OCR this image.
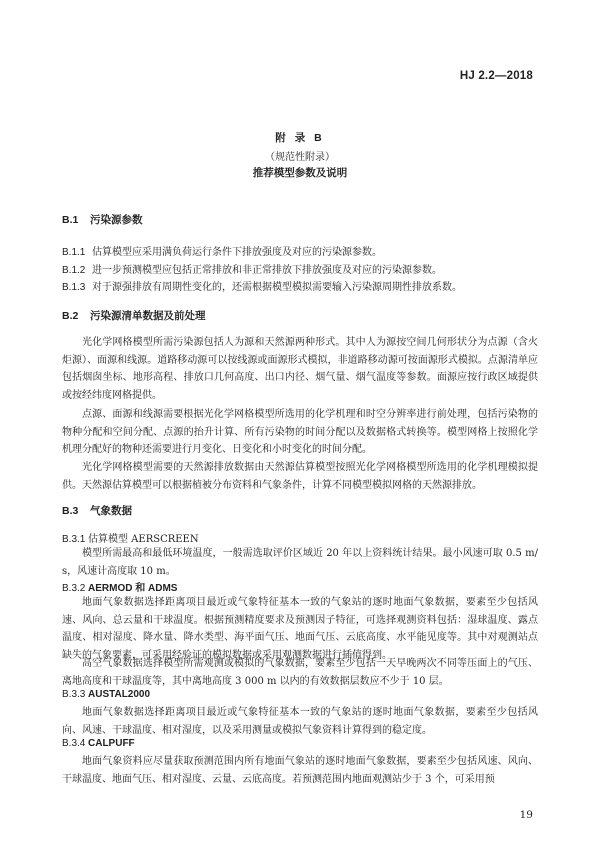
HJ 2.2—2018
附 录 B
（规范性附录）
推荐模型参数及说明
B.1 污染源参数
B.1.1 估算模型应采用满负荷运行条件下排放强度及对应的污染源参数。
B.1.2 进一步预测模型应包括正常排放和非正常排放下排放强度及对应的污染源参数。
B.1.3 对于源强排放有周期性变化的，还需根据模型模拟需要输入污染源周期性排放系数。
B.2 污染源清单数据及前处理
光化学网格模型所需污染源包括人为源和天然源两种形式。其中人为源按空间几何形状分为点源（含火炬源）、面源和线源。道路移动源可以按线源或面源形式模拟，非道路移动源可按面源形式模拟。点源清单应包括烟囱坐标、地形高程、排放口几何高度、出口内径、烟气量、烟气温度等参数。面源应按行政区域提供或按经纬度网格提供。
点源、面源和线源需要根据光化学网格模型所选用的化学机理和时空分辨率进行前处理，包括污染物的物种分配和空间分配、点源的抬升计算、所有污染物的时间分配以及数据格式转换等。模型网格上按照化学机理分配好的物种还需要进行月变化、日变化和小时变化的时间分配。
光化学网格模型需要的天然源排放数据由天然源估算模型按照光化学网格模型所选用的化学机理模拟提供。天然源估算模型可以根据植被分布资料和气象条件，计算不同模型模拟网格的天然源排放。
B.3 气象数据
B.3.1 估算模型 AERSCREEN
模型所需最高和最低环境温度，一般需选取评价区域近 20 年以上资料统计结果。最小风速可取 0.5 m/s，风速计高度取 10 m。
B.3.2 AERMOD 和 ADMS
地面气象数据选择距离项目最近或气象特征基本一致的气象站的逐时地面气象数据，要素至少包括风速、风向、总云量和干球温度。根据预测精度要求及预测因子特征，可选择观测资料包括：湿球温度、露点温度、相对湿度、降水量、降水类型、海平面气压、地面气压、云底高度、水平能见度等。其中对观测站点缺失的气象要素，可采用经验证的模拟数据或采用观测数据进行插值得到。
高空气象数据选择模型所需观测或模拟的气象数据，要素至少包括一天早晚两次不同等压面上的气压、离地高度和干球温度等，其中离地高度 3 000 m 以内的有效数据层数应不少于 10 层。
B.3.3 AUSTAL2000
地面气象数据选择距离项目最近或气象特征基本一致的气象站的逐时地面气象数据，要素至少包括风向、风速、干球温度、相对湿度，以及采用测量或模拟气象资料计算得到的稳定度。
B.3.4 CALPUFF
地面气象资料应尽量获取预测范围内所有地面气象站的逐时地面气象数据，要素至少包括风速、风向、干球温度、地面气压、相对湿度、云量、云底高度。若预测范围内地面观测站少于 3 个，可采用预
19
